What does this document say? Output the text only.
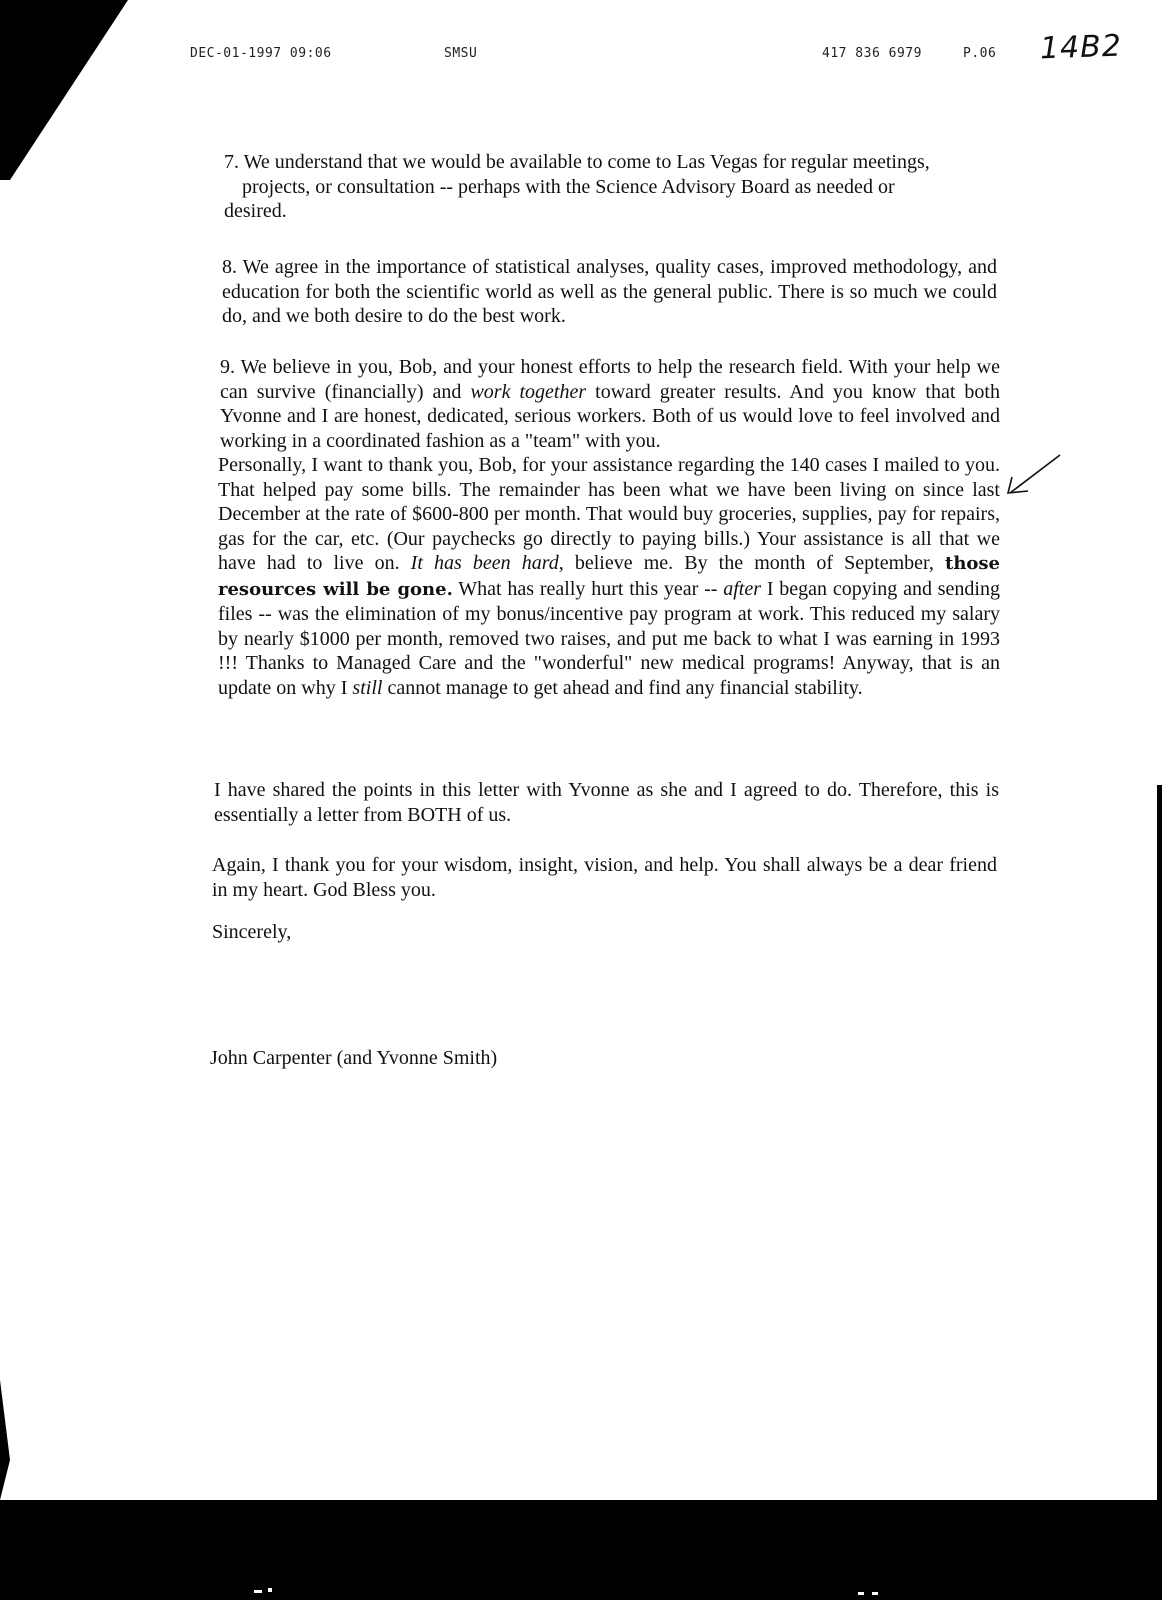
DEC-01-1997 09:06	SMSU	417 836 6979	P.06 14B2

7. We understand that we would be available to come to Las Vegas for regular meetings,
projects, or consultation -- perhaps with the Science Advisory Board as needed or
desired.

8. We agree in the importance of statistical analyses, quality cases, improved methodology, and education for both the scientific world as well as the general public. There is so much we could do, and we both desire to do the best work.

9. We believe in you, Bob, and your honest efforts to help the research field. With your help we can survive (financially) and work together toward greater results. And you know that both Yvonne and I are honest, dedicated, serious workers. Both of us would love to feel involved and working in a coordinated fashion as a "team" with you.

Personally, I want to thank you, Bob, for your assistance regarding the 140 cases I mailed to you. That helped pay some bills. The remainder has been what we have been living on since last December at the rate of $600-800 per month. That would buy groceries, supplies, pay for repairs, gas for the car, etc. (Our paychecks go directly to paying bills.) Your assistance is all that we have had to live on. It has been hard, believe me. By the month of September, those resources will be gone. What has really hurt this year -- after I began copying and sending files -- was the elimination of my bonus/incentive pay program at work. This reduced my salary by nearly $1000 per month, removed two raises, and put me back to what I was earning in 1993 !!! Thanks to Managed Care and the "wonderful" new medical programs! Anyway, that is an update on why I still cannot manage to get ahead and find any financial stability.

I have shared the points in this letter with Yvonne as she and I agreed to do. Therefore, this is essentially a letter from BOTH of us.

Again, I thank you for your wisdom, insight, vision, and help. You shall always be a dear friend in my heart. God Bless you.

Sincerely,

John Carpenter (and Yvonne Smith)
